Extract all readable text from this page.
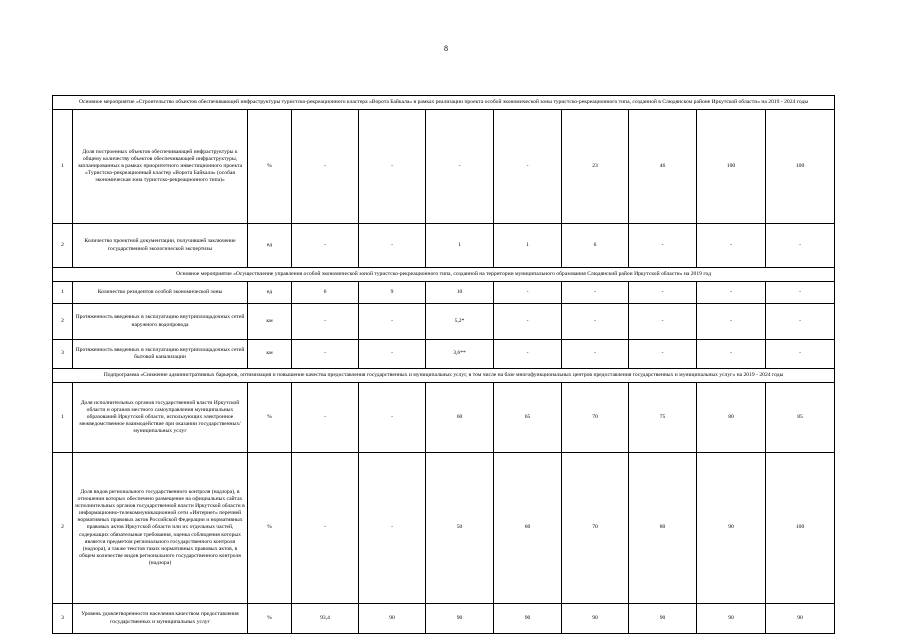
8
Основное мероприятие «Строительство объектов обеспечивающей инфраструктуры туристско-рекреационного кластера «Ворота Байкала» в рамках реализации проекта особой экономической зоны туристско-рекреационного типа, созданной в Слюдянском районе Иркутской области» на 2019 - 2024 годы										
1	Доля построенных объектов обеспечивающей инфраструктуры к общему количеству объектов обеспечивающей инфраструктуры, запланированных в рамках приоритетного инвестиционного проекта «Туристско-рекреационный кластер «Ворота Байкала» (особая экономическая зона туристско-рекреационного типа)»	%	-	-	-	-	23	46	100	100
2	Количество проектной документации, получившей заключение государственной экологической экспертизы	ед	-	-	1	1	6	-	-	-
Основное мероприятие «Осуществление управления особой экономической зоной туристско-рекреационного типа, созданной на территории муниципального образования Слюдянский район Иркутской области» на 2019 год										
1	Количество резидентов особой экономической зоны	ед	6	9	10	-	-	-	-	-
2	Протяженность введенных в эксплуатацию внутриплощадочных сетей наружного водопровода	км	-	-	5,2*	-	-	-	-	-
3	Протяженность введенных в эксплуатацию внутриплощадочных сетей бытовой канализации	км	-	-	3,6**	-	-	-	-	-
Подпрограмма «Снижение административных барьеров, оптимизация и повышение качества предоставления государственных и муниципальных услуг, в том числе на базе многофункциональных центров предоставления государственных и муниципальных услуг» на 2019 - 2024 годы										
1	Доля исполнительных органов государственной власти Иркутской области и органов местного самоуправления муниципальных образований Иркутской области, использующих электронное межведомственное взаимодействие при оказании государственных/муниципальных услуг	%	-	-	60	65	70	75	80	85
2	Доля видов регионального государственного контроля (надзора), в отношении которых обеспечено размещение на официальных сайтах исполнительных органов государственной власти Иркутской области в информационно-телекоммуникационной сети «Интернет» перечней нормативных правовых актов Российской Федерации и нормативных правовых актов Иркутской области или их отдельных частей, содержащих обязательные требования, оценка соблюдения которых является предметом регионального государственного контроля (надзора), а также текстов таких нормативных правовых актов, в общем количестве видов регионального государственного контроля (надзора)	%	-	-	50	60	70	80	90	100
3	Уровень удовлетворенности населения качеством предоставления государственных и муниципальных услуг	%	93,4	90	90	90	90	90	90	90
